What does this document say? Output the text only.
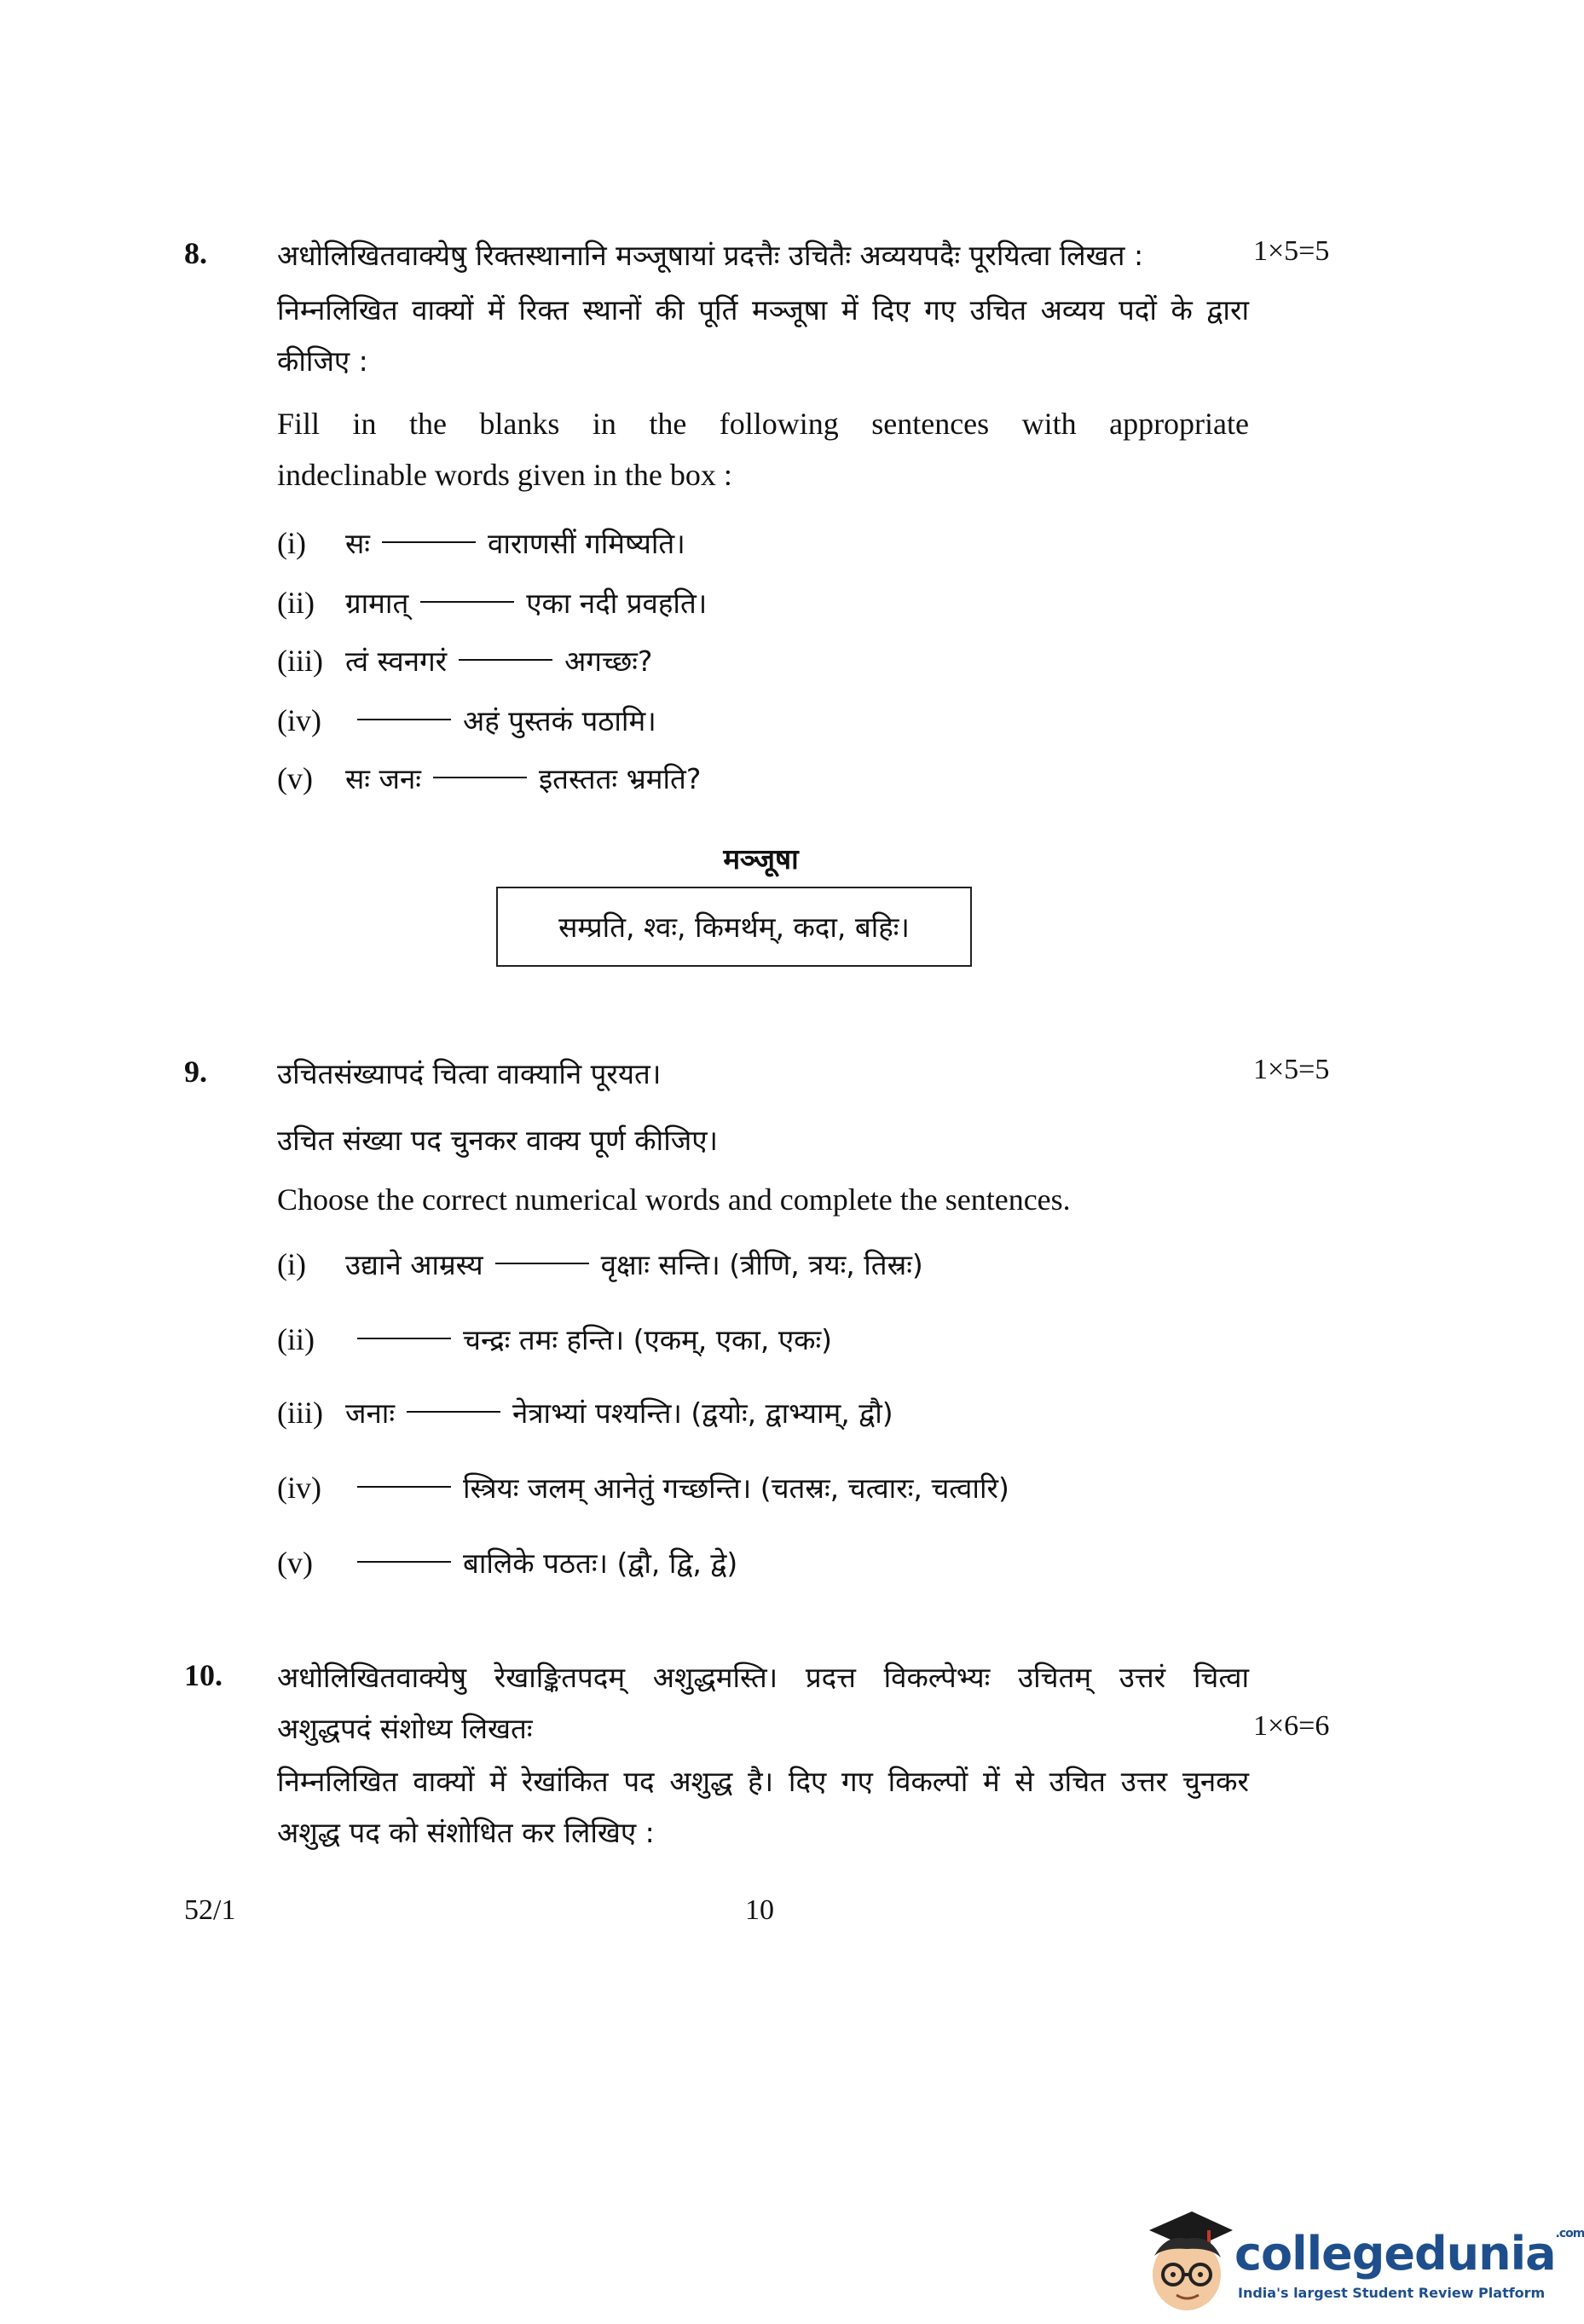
8. अधोलिखितवाक्येषु रिक्तस्थानानि मञ्जूषायां प्रदत्तैः उचितैः अव्ययपदैः पूरयित्वा लिखत :	1×5=5
निम्नलिखित वाक्यों में रिक्त स्थानों की पूर्ति मञ्जूषा में दिए गए उचित अव्यय पदों के द्वारा
कीजिए :
Fill in the blanks in the following sentences with appropriate
indeclinable words given in the box :
(i) सः	वाराणसीं गमिष्यति।
(ii) ग्रामात्	एका नदी प्रवहति।
(iii) त्वं स्वनगरं	अगच्छः?
(iv)	अहं पुस्तकं पठामि।
(v) सः जनः	इतस्ततः भ्रमति?
मञ्जूषा
सम्प्रति, श्वः, किमर्थम्, कदा, बहिः।
9. उचितसंख्यापदं चित्वा वाक्यानि पूरयत।	1×5=5
उचित संख्या पद चुनकर वाक्य पूर्ण कीजिए।
Choose the correct numerical words and complete the sentences.
(i) उद्याने आम्रस्य	वृक्षाः सन्ति। (त्रीणि, त्रयः, तिस्रः)
(ii)	चन्द्रः तमः हन्ति। (एकम्, एका, एकः)
(iii) जनाः	नेत्राभ्यां पश्यन्ति। (द्वयोः, द्वाभ्याम्, द्वौ)
(iv)	स्त्रियः जलम् आनेतुं गच्छन्ति। (चतस्रः, चत्वारः, चत्वारि)
(v)	बालिके पठतः। (द्वौ, द्वि, द्वे)
10. अधोलिखितवाक्येषु रेखाङ्कितपदम् अशुद्धमस्ति। प्रदत्त विकल्पेभ्यः उचितम् उत्तरं चित्वा
अशुद्धपदं संशोध्य लिखतः	1×6=6
निम्नलिखित वाक्यों में रेखांकित पद अशुद्ध है। दिए गए विकल्पों में से उचित उत्तर चुनकर
अशुद्ध पद को संशोधित कर लिखिए :
52/1	10
collegedunia$^{.com}$
India's largest Student Review Platform
